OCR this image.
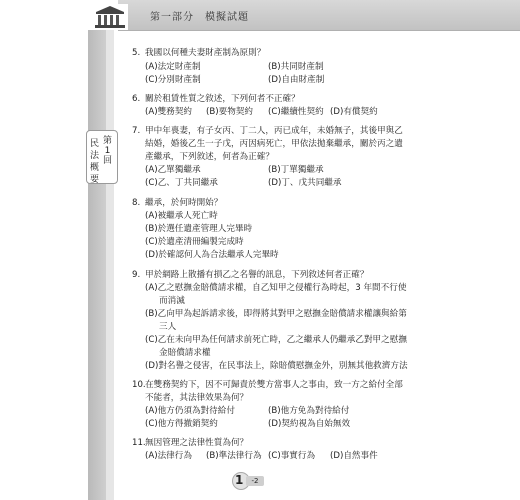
第一部分　模擬試題
民法概要
第1回
5. 我國以何種夫妻財產制為原則？
(A)法定財產制	(B)共同財產制
(C)分別財產制	(D)自由財產制
6. 關於租賃性質之敘述，下列何者不正確？
(A)雙務契約 (B)要物契約 (C)繼續性契約 (D)有償契約
7. 甲中年喪妻，有子女丙、丁二人，丙已成年，未婚無子，其後甲與乙
結婚，婚後乙生一子戊，丙因病死亡，甲依法拋棄繼承，關於丙之遺
產繼承，下列敘述，何者為正確？
(A)乙單獨繼承	(B)丁單獨繼承
(C)乙、丁共同繼承	(D)丁、戊共同繼承
8. 繼承，於何時開始？
(A)被繼承人死亡時
(B)於選任遺產管理人完畢時
(C)於遺產清冊編製完成時
(D)於確認何人為合法繼承人完畢時
9. 甲於網路上散播有損乙之名譽的訊息，下列敘述何者正確？
(A)乙之慰撫金賠償請求權，自乙知甲之侵權行為時起，3 年間不行使
而消滅
(B)乙向甲為起訴請求後，即得將其對甲之慰撫金賠償請求權讓與給第
三人
(C)乙在未向甲為任何請求前死亡時，乙之繼承人仍繼承乙對甲之慰撫
金賠償請求權
(D)對名譽之侵害，在民事法上，除賠償慰撫金外，別無其他救濟方法
10. 在雙務契約下，因不可歸責於雙方當事人之事由，致一方之給付全部
不能者，其法律效果為何？
(A)他方仍須為對待給付	(B)他方免為對待給付
(C)他方得撤銷契約	(D)契約視為自始無效
11. 無因管理之法律性質為何？
(A)法律行為 (B)準法律行為 (C)事實行為 (D)自然事件
1	-2
